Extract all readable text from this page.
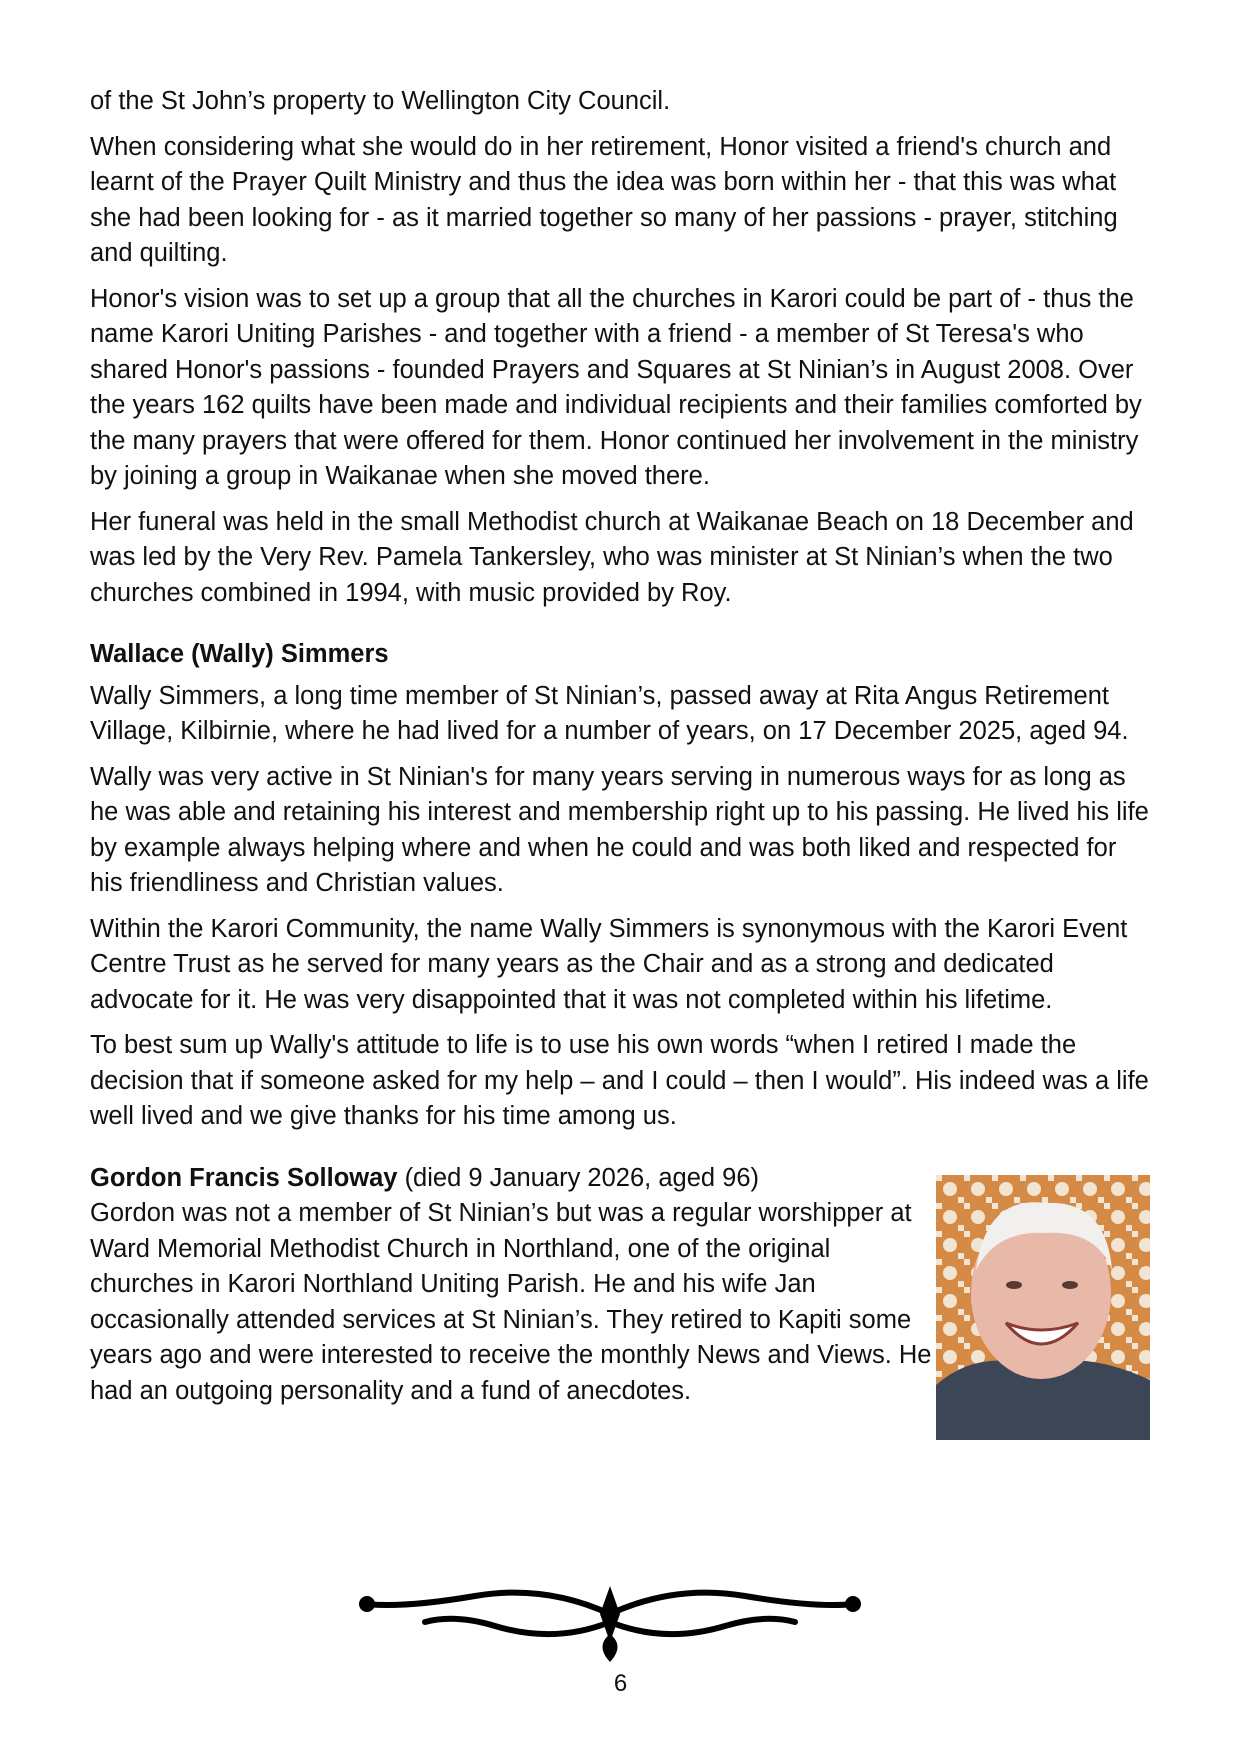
of the St John’s property to Wellington City Council.

When considering what she would do in her retirement, Honor visited a friend's church and learnt of the Prayer Quilt Ministry and thus the idea was born within her - that this was what she had been looking for - as it married together so many of her passions - prayer, stitching and quilting.

Honor's vision was to set up a group that all the churches in Karori could be part of - thus the name Karori Uniting Parishes - and together with a friend - a member of St Teresa's who shared Honor's passions - founded Prayers and Squares at St Ninian’s in August 2008. Over the years 162 quilts have been made and individual recipients and their families comforted by the many prayers that were offered for them. Honor continued her involvement in the ministry by joining a group in Waikanae when she moved there.

Her funeral was held in the small Methodist church at Waikanae Beach on 18 December and was led by the Very Rev. Pamela Tankersley, who was minister at St Ninian’s when the two churches combined in 1994, with music provided by Roy.

Wallace (Wally) Simmers

Wally Simmers, a long time member of St Ninian’s, passed away at Rita Angus Retirement Village, Kilbirnie, where he had lived for a number of years, on 17 December 2025, aged 94.

Wally was very active in St Ninian's for many years serving in numerous ways for as long as he was able and retaining his interest and membership right up to his passing. He lived his life by example always helping where and when he could and was both liked and respected for his friendliness and Christian values.

Within the Karori Community, the name Wally Simmers is synonymous with the Karori Event Centre Trust as he served for many years as the Chair and as a strong and dedicated advocate for it. He was very disappointed that it was not completed within his lifetime.

To best sum up Wally's attitude to life is to use his own words “when I retired I made the decision that if someone asked for my help – and I could – then I would”. His indeed was a life well lived and we give thanks for his time among us.

Gordon Francis Solloway (died 9 January 2026, aged 96)

Gordon was not a member of St Ninian’s but was a regular worshipper at Ward Memorial Methodist Church in Northland, one of the original churches in Karori Northland Uniting Parish. He and his wife Jan occasionally attended services at St Ninian’s. They retired to Kapiti some years ago and were interested to receive the monthly News and Views. He had an outgoing personality and a fund of anecdotes.

6
